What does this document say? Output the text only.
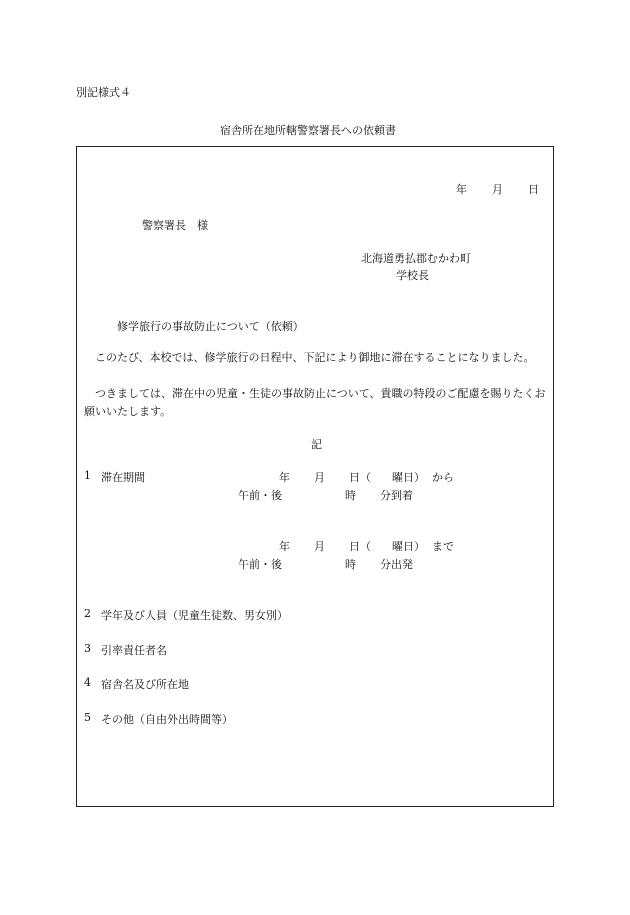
別記様式４
宿舎所在地所轄警察署長への依頼書
年 月 日
警察署長　様
北海道勇払郡むかわ町
学校長
修学旅行の事故防止について（依頼）
このたび、本校では、修学旅行の日程中、下記により御地に滞在することになりました。
つきましては、滞在中の児童・生徒の事故防止について、貴職の特段のご配慮を賜りたくお願いいたします。
記
1 滞在期間	年 月 日（ 曜日） から
午前・後	時 分到着
年 月 日（ 曜日） まで
午前・後	時 分出発
2 学年及び人員（児童生徒数、男女別）
3 引率責任者名
4 宿舎名及び所在地
5 その他（自由外出時間等）
